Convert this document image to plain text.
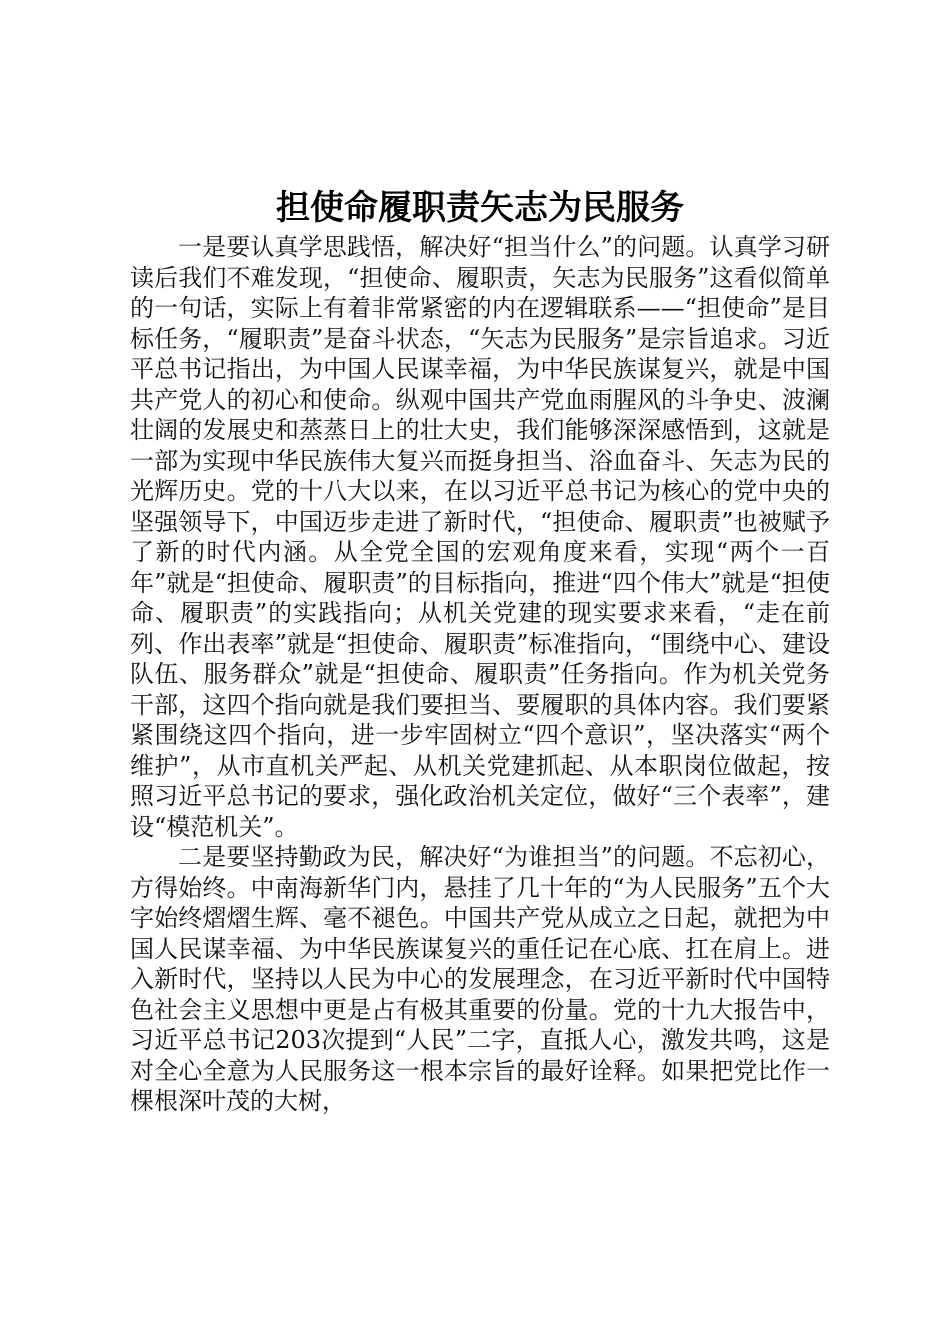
担使命履职责矢志为民服务

一是要认真学思践悟，解决好“担当什么”的问题。认真学习研读后我们不难发现，“担使命、履职责，矢志为民服务”这看似简单的一句话，实际上有着非常紧密的内在逻辑联系——“担使命”是目标任务，“履职责”是奋斗状态，“矢志为民服务”是宗旨追求。习近平总书记指出，为中国人民谋幸福，为中华民族谋复兴，就是中国共产党人的初心和使命。纵观中国共产党血雨腥风的斗争史、波澜壮阔的发展史和蒸蒸日上的壮大史，我们能够深深感悟到，这就是一部为实现中华民族伟大复兴而挺身担当、浴血奋斗、矢志为民的光辉历史。党的十八大以来，在以习近平总书记为核心的党中央的坚强领导下，中国迈步走进了新时代，“担使命、履职责”也被赋予了新的时代内涵。从全党全国的宏观角度来看，实现“两个一百年”就是“担使命、履职责”的目标指向，推进“四个伟大”就是“担使命、履职责”的实践指向；从机关党建的现实要求来看，“走在前列、作出表率”就是“担使命、履职责”标准指向，“围绕中心、建设队伍、服务群众”就是“担使命、履职责”任务指向。作为机关党务干部，这四个指向就是我们要担当、要履职的具体内容。我们要紧紧围绕这四个指向，进一步牢固树立“四个意识”，坚决落实“两个维护”，从市直机关严起、从机关党建抓起、从本职岗位做起，按照习近平总书记的要求，强化政治机关定位，做好“三个表率”，建设“模范机关”。

二是要坚持勤政为民，解决好“为谁担当”的问题。不忘初心，方得始终。中南海新华门内，悬挂了几十年的“为人民服务”五个大字始终熠熠生辉、毫不褪色。中国共产党从成立之日起，就把为中国人民谋幸福、为中华民族谋复兴的重任记在心底、扛在肩上。进入新时代，坚持以人民为中心的发展理念，在习近平新时代中国特色社会主义思想中更是占有极其重要的份量。党的十九大报告中，习近平总书记203次提到“人民”二字，直抵人心，激发共鸣，这是对全心全意为人民服务这一根本宗旨的最好诠释。如果把党比作一棵根深叶茂的大树，
